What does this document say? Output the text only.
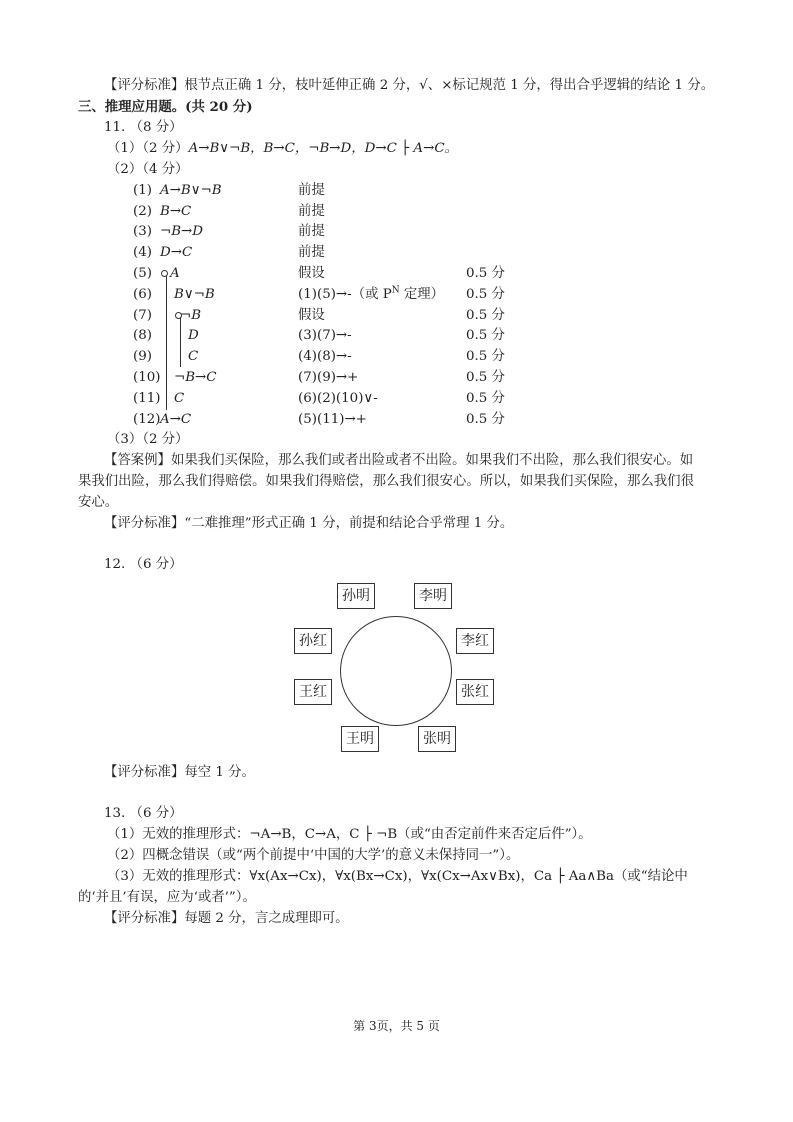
【评分标准】根节点正确 1 分，枝叶延伸正确 2 分，√、×标记规范 1 分，得出合乎逻辑的结论 1 分。
三、推理应用题。(共 20 分)
11. （8 分）
（1）（2 分）A→B∨¬B，B→C，¬B→D，D→C ├ A→C。
（2）（4 分）
(1) A→B∨¬B	前提
(2) B→C	前提
(3) ¬B→D	前提
(4) D→C	前提
(5) A	假设	0.5 分
(6) B∨¬B	(1)(5)→-（或 $P^N$ 定理） 0.5 分
(7) ¬B	假设	0.5 分
(8)	D	(3)(7)→-	0.5 分
(9)	C	(4)(8)→-	0.5 分
(10) ¬B→C	(7)(9)→+	0.5 分
(11) C	(6)(2)(10)∨-	0.5 分
(12) A→C	(5)(11)→+	0.5 分
（3）（2 分）
【答案例】如果我们买保险，那么我们或者出险或者不出险。如果我们不出险，那么我们很安心。如
果我们出险，那么我们得赔偿。如果我们得赔偿，那么我们很安心。所以，如果我们买保险，那么我们很
安心。
【评分标准】“二难推理”形式正确 1 分，前提和结论合乎常理 1 分。
12. （6 分）
孙明	李明
孙红	李红
王红	张红
王明	张明
【评分标准】每空 1 分。
13. （6 分）
（1）无效的推理形式：¬A→B，C→A，C ├ ¬B（或“由否定前件来否定后件”）。
（2）四概念错误（或“两个前提中‘中国的大学’的意义未保持同一”）。
（3）无效的推理形式：∀x(Ax→Cx)，∀x(Bx→Cx)，∀x(Cx→Ax∨Bx)，Ca ├ Aa∧Ba（或“结论中
的‘并且’有误，应为‘或者’”）。
【评分标准】每题 2 分，言之成理即可。
第 3页，共 5 页
